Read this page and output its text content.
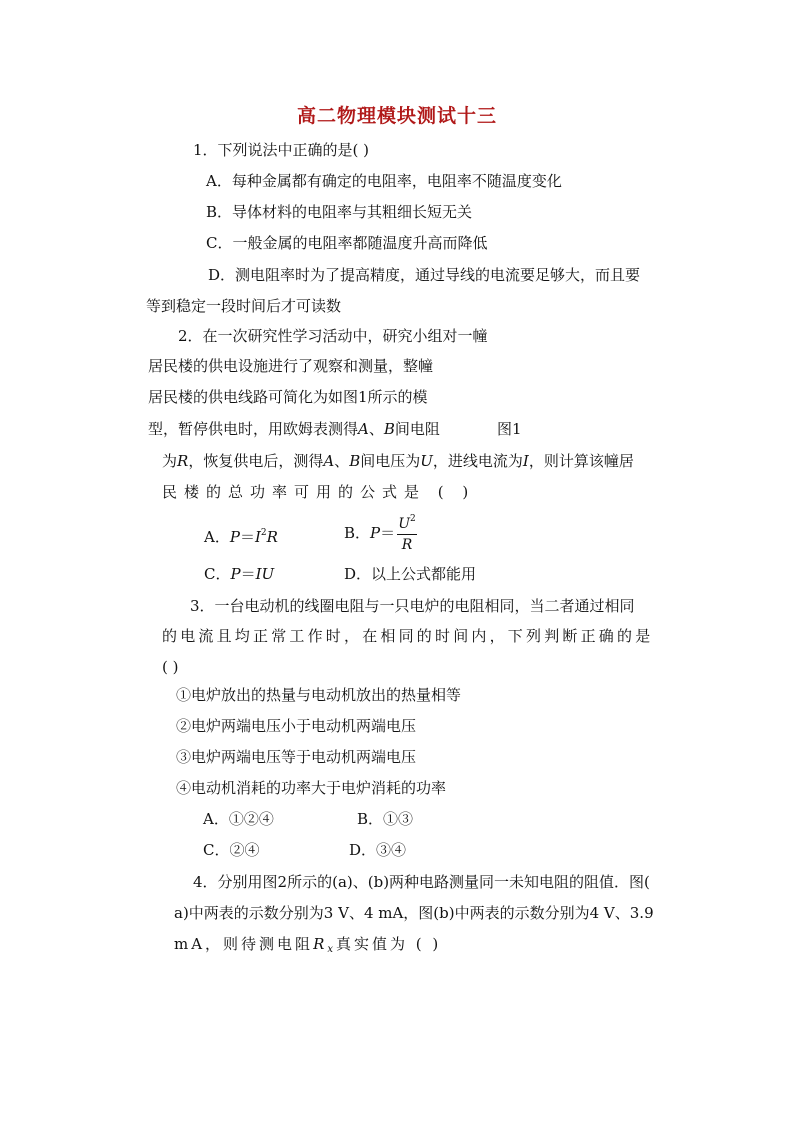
高二物理模块测试十三
1．下列说法中正确的是( )
A．每种金属都有确定的电阻率，电阻率不随温度变化
B．导体材料的电阻率与其粗细长短无关
C．一般金属的电阻率都随温度升高而降低
D．测电阻率时为了提高精度，通过导线的电流要足够大，而且要
等到稳定一段时间后才可读数
2．在一次研究性学习活动中，研究小组对一幢
居民楼的供电设施进行了观察和测量，整幢
居民楼的供电线路可简化为如图1所示的模
型，暂停供电时，用欧姆表测得A、B间电阻	图1
为R，恢复供电后，测得A、B间电压为U，进线电流为I，则计算该幢居
民楼的总功率可用的公式是 ( )
A．$P=I^2R$	B．$P= U^2$
R
C．P＝IU	D．以上公式都能用
3．一台电动机的线圈电阻与一只电炉的电阻相同，当二者通过相同
的电流且均正常工作时，在相同的时间内，下列判断正确的是
( )
①电炉放出的热量与电动机放出的热量相等
②电炉两端电压小于电动机两端电压
③电炉两端电压等于电动机两端电压
④电动机消耗的功率大于电炉消耗的功率
A．①②④	B．①③
C．②④	D．③④
4．分别用图2所示的(a)、(b)两种电路测量同一未知电阻的阻值．图(
a)中两表的示数分别为3 V、4 mA，图(b)中两表的示数分别为4 V、3.9
mA，则待测电阻$R_x$真实值为 ( )
